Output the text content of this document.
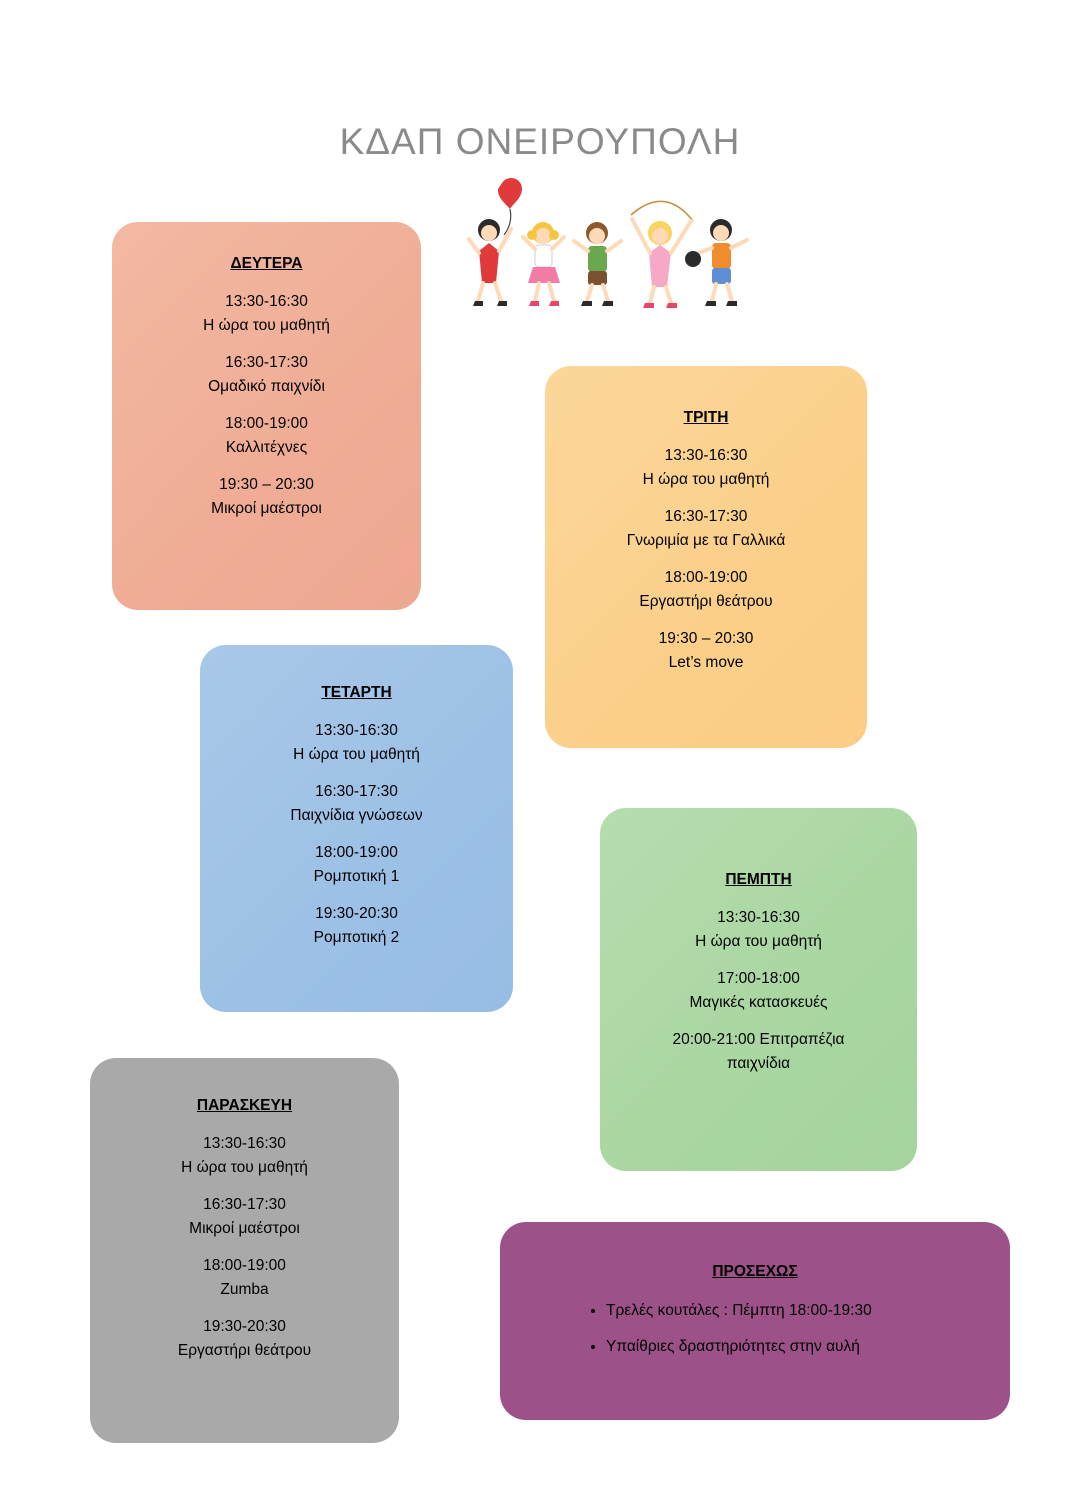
ΚΔΑΠ ΟΝΕΙΡΟΥΠΟΛΗ
ΔΕΥΤΕΡΑ
13:30-16:30
Η ώρα του μαθητή
16:30-17:30
Ομαδικό παιχνίδι
18:00-19:00
Καλλιτέχνες
19:30 – 20:30
Μικροί μαέστροι
ΤΡΙΤΗ
13:30-16:30
Η ώρα του μαθητή
16:30-17:30
Γνωριμία με τα Γαλλικά
18:00-19:00
Εργαστήρι θεάτρου
19:30 – 20:30
Let’s move
ΤΕΤΑΡΤΗ
13:30-16:30
Η ώρα του μαθητή
16:30-17:30
Παιχνίδια γνώσεων
18:00-19:00
Ρομποτική 1
19:30-20:30
Ρομποτική 2
ΠΕΜΠΤΗ
13:30-16:30
Η ώρα του μαθητή
17:00-18:00
Μαγικές κατασκευές
20:00-21:00 Επιτραπέζια
παιχνίδια
ΠΑΡΑΣΚΕΥΗ
13:30-16:30
Η ώρα του μαθητή
16:30-17:30
Μικροί μαέστροι
18:00-19:00
Zumba
19:30-20:30
Εργαστήρι θεάτρου
ΠΡΟΣΕΧΩΣ
• Τρελές κουτάλες : Πέμπτη 18:00-19:30
• Υπαίθριες δραστηριότητες στην αυλή
